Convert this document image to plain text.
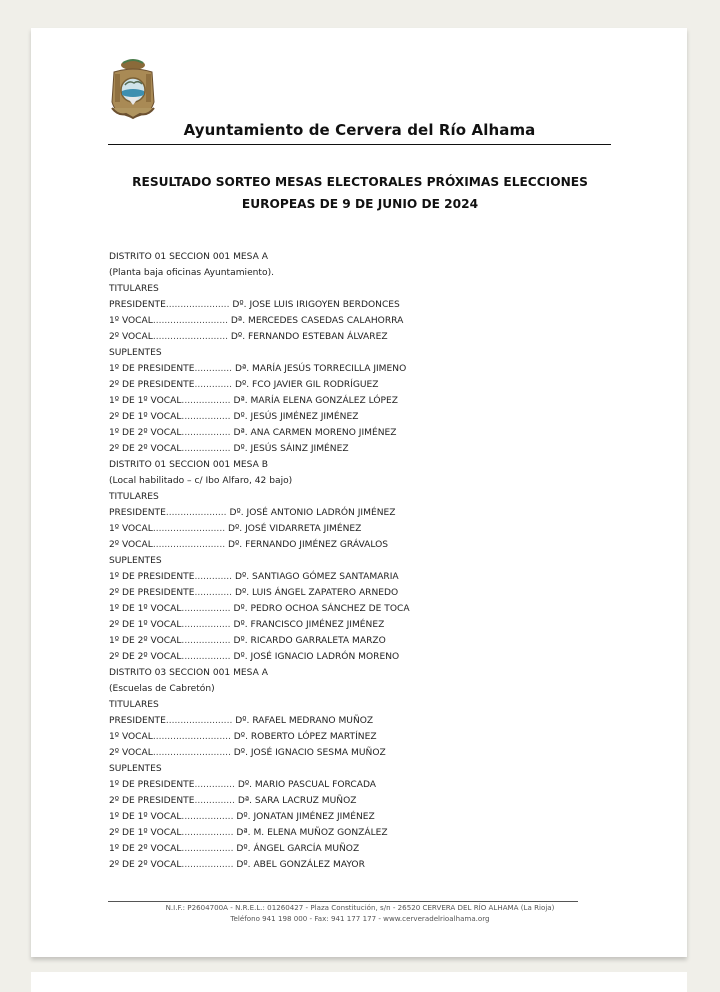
Ayuntamiento de Cervera del Río Alhama
RESULTADO SORTEO MESAS ELECTORALES PRÓXIMAS ELECCIONES
EUROPEAS DE 9 DE JUNIO DE 2024
DISTRITO 01 SECCION 001 MESA A
(Planta baja oficinas Ayuntamiento).
TITULARES
PRESIDENTE...................... Dº. JOSE LUIS IRIGOYEN BERDONCES
1º VOCAL.......................... Dª. MERCEDES CASEDAS CALAHORRA
2º VOCAL.......................... Dº. FERNANDO ESTEBAN ÁLVAREZ
SUPLENTES
1º DE PRESIDENTE............. Dª. MARÍA JESÚS TORRECILLA JIMENO
2º DE PRESIDENTE............. Dº. FCO JAVIER GIL RODRÍGUEZ
1º DE 1º VOCAL................. Dª. MARÍA ELENA GONZÁLEZ LÓPEZ
2º DE 1º VOCAL................. Dº. JESÚS JIMÉNEZ JIMÉNEZ
1º DE 2º VOCAL................. Dª. ANA CARMEN MORENO JIMÉNEZ
2º DE 2º VOCAL................. Dº. JESÚS SÁINZ JIMÉNEZ
DISTRITO 01 SECCION 001 MESA B
(Local habilitado – c/ Ibo Alfaro, 42 bajo)
TITULARES
PRESIDENTE..................... Dº. JOSÉ ANTONIO LADRÓN JIMÉNEZ
1º VOCAL......................... Dº. JOSÉ VIDARRETA JIMÉNEZ
2º VOCAL......................... Dº. FERNANDO JIMÉNEZ GRÁVALOS
SUPLENTES
1º DE PRESIDENTE............. Dº. SANTIAGO GÓMEZ SANTAMARIA
2º DE PRESIDENTE............. Dº. LUIS ÁNGEL ZAPATERO ARNEDO
1º DE 1º VOCAL................. Dº. PEDRO OCHOA SÁNCHEZ DE TOCA
2º DE 1º VOCAL................. Dº. FRANCISCO JIMÉNEZ JIMÉNEZ
1º DE 2º VOCAL................. Dº. RICARDO GARRALETA MARZO
2º DE 2º VOCAL................. Dº. JOSÉ IGNACIO LADRÓN MORENO
DISTRITO 03 SECCION 001 MESA A
(Escuelas de Cabretón)
TITULARES
PRESIDENTE....................... Dº. RAFAEL MEDRANO MUÑOZ
1º VOCAL........................... Dº. ROBERTO LÓPEZ MARTÍNEZ
2º VOCAL........................... Dº. JOSÉ IGNACIO SESMA MUÑOZ
SUPLENTES
1º DE PRESIDENTE.............. Dº. MARIO PASCUAL FORCADA
2º DE PRESIDENTE.............. Dª. SARA LACRUZ MUÑOZ
1º DE 1º VOCAL.................. Dº. JONATAN JIMÉNEZ JIMÉNEZ
2º DE 1º VOCAL.................. Dª. M. ELENA MUÑOZ GONZÁLEZ
1º DE 2º VOCAL.................. Dº. ÁNGEL GARCÍA MUÑOZ
2º DE 2º VOCAL.................. Dº. ABEL GONZÁLEZ MAYOR
N.I.F.: P2604700A - N.R.E.L.: 01260427 - Plaza Constitución, s/n - 26520 CERVERA DEL RÍO ALHAMA (La Rioja)
Teléfono 941 198 000 - Fax: 941 177 177 - www.cerveradelrioalhama.org
